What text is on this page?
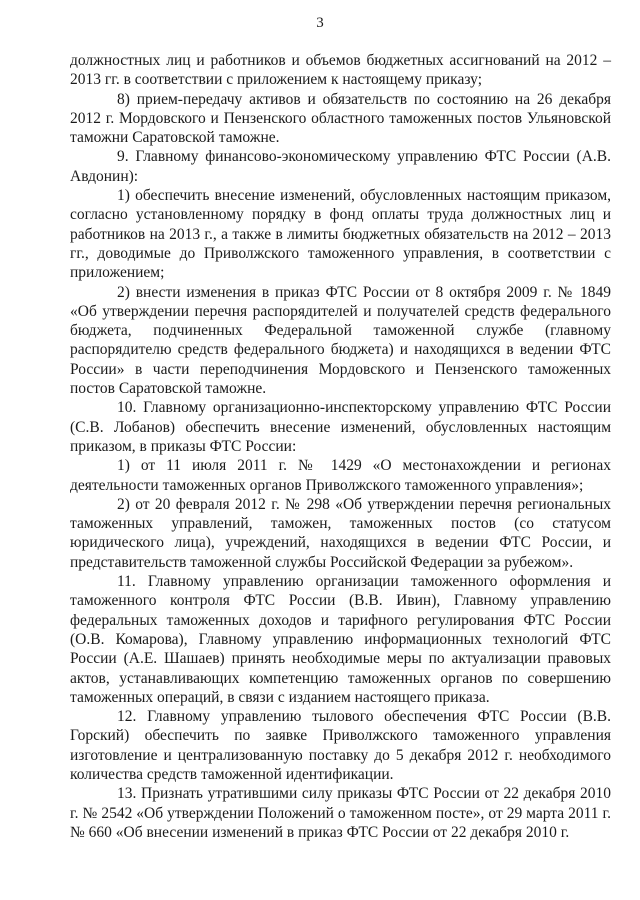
3

должностных лиц и работников и объемов бюджетных ассигнований на 2012 – 2013 гг. в соответствии с приложением к настоящему приказу;

8) прием-передачу активов и обязательств по состоянию на 26 декабря 2012 г. Мордовского и Пензенского областного таможенных постов Ульяновской таможни Саратовской таможне.

9. Главному финансово-экономическому управлению ФТС России (А.В. Авдонин):

1) обеспечить внесение изменений, обусловленных настоящим приказом, согласно установленному порядку в фонд оплаты труда должностных лиц и работников на 2013 г., а также в лимиты бюджетных обязательств на 2012 – 2013 гг., доводимые до Приволжского таможенного управления, в соответствии с приложением;

2) внести изменения в приказ ФТС России от 8 октября 2009 г. № 1849 «Об утверждении перечня распорядителей и получателей средств федерального бюджета, подчиненных Федеральной таможенной службе (главному распорядителю средств федерального бюджета) и находящихся в ведении ФТС России» в части переподчинения Мордовского и Пензенского таможенных постов Саратовской таможне.

10. Главному организационно-инспекторскому управлению ФТС России (С.В. Лобанов) обеспечить внесение изменений, обусловленных настоящим приказом, в приказы ФТС России:

1) от 11 июля 2011 г. № 1429 «О местонахождении и регионах деятельности таможенных органов Приволжского таможенного управления»;

2) от 20 февраля 2012 г. № 298 «Об утверждении перечня региональных таможенных управлений, таможен, таможенных постов (со статусом юридического лица), учреждений, находящихся в ведении ФТС России, и представительств таможенной службы Российской Федерации за рубежом».

11. Главному управлению организации таможенного оформления и таможенного контроля ФТС России (В.В. Ивин), Главному управлению федеральных таможенных доходов и тарифного регулирования ФТС России (О.В. Комарова), Главному управлению информационных технологий ФТС России (А.Е. Шашаев) принять необходимые меры по актуализации правовых актов, устанавливающих компетенцию таможенных органов по совершению таможенных операций, в связи с изданием настоящего приказа.

12. Главному управлению тылового обеспечения ФТС России (В.В. Горский) обеспечить по заявке Приволжского таможенного управления изготовление и централизованную поставку до 5 декабря 2012 г. необходимого количества средств таможенной идентификации.

13. Признать утратившими силу приказы ФТС России от 22 декабря 2010 г. № 2542 «Об утверждении Положений о таможенном посте», от 29 марта 2011 г. № 660 «Об внесении изменений в приказ ФТС России от 22 декабря 2010 г.
